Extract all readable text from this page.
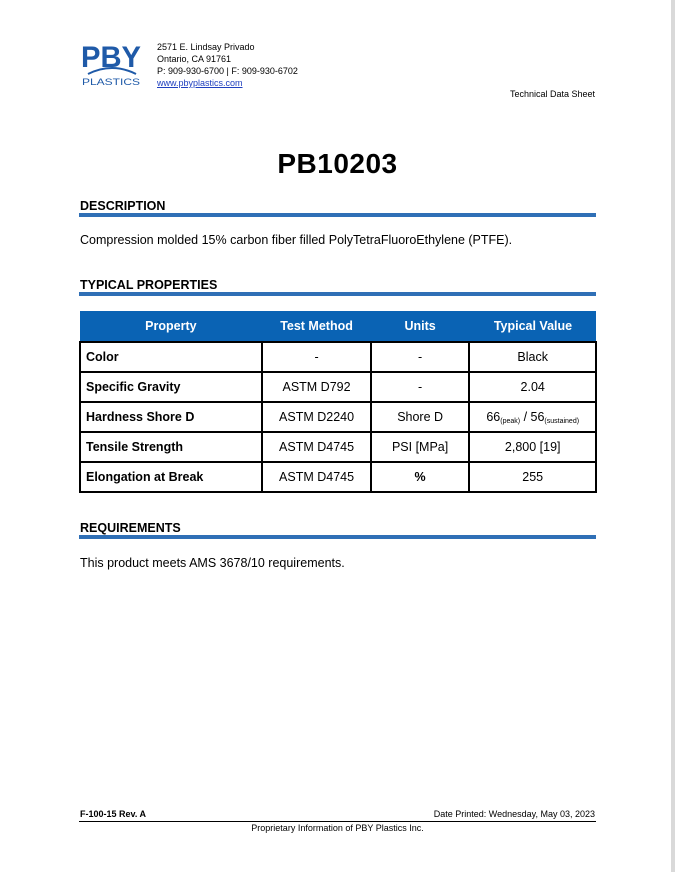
PBY
PLASTICS
2571 E. Lindsay Privado
Ontario, CA 91761
P: 909-930-6700 | F: 909-930-6702
www.pbyplastics.com
Technical Data Sheet
PB10203
DESCRIPTION
Compression molded 15% carbon fiber filled PolyTetraFluoroEthylene (PTFE).
TYPICAL PROPERTIES
Property	Test Method	Units	Typical Value
Color	-	-	Black
Specific Gravity	ASTM D792	-	2.04
Hardness Shore D	ASTM D2240	Shore D	$66_{(peak)} / 56_{(sustained)}$
Tensile Strength	ASTM D4745	PSI [MPa]	2,800 [19]
Elongation at Break	ASTM D4745	%	255
REQUIREMENTS
This product meets AMS 3678/10 requirements.
F-100-15 Rev. A	Date Printed: Wednesday, May 03, 2023
Proprietary Information of PBY Plastics Inc.
